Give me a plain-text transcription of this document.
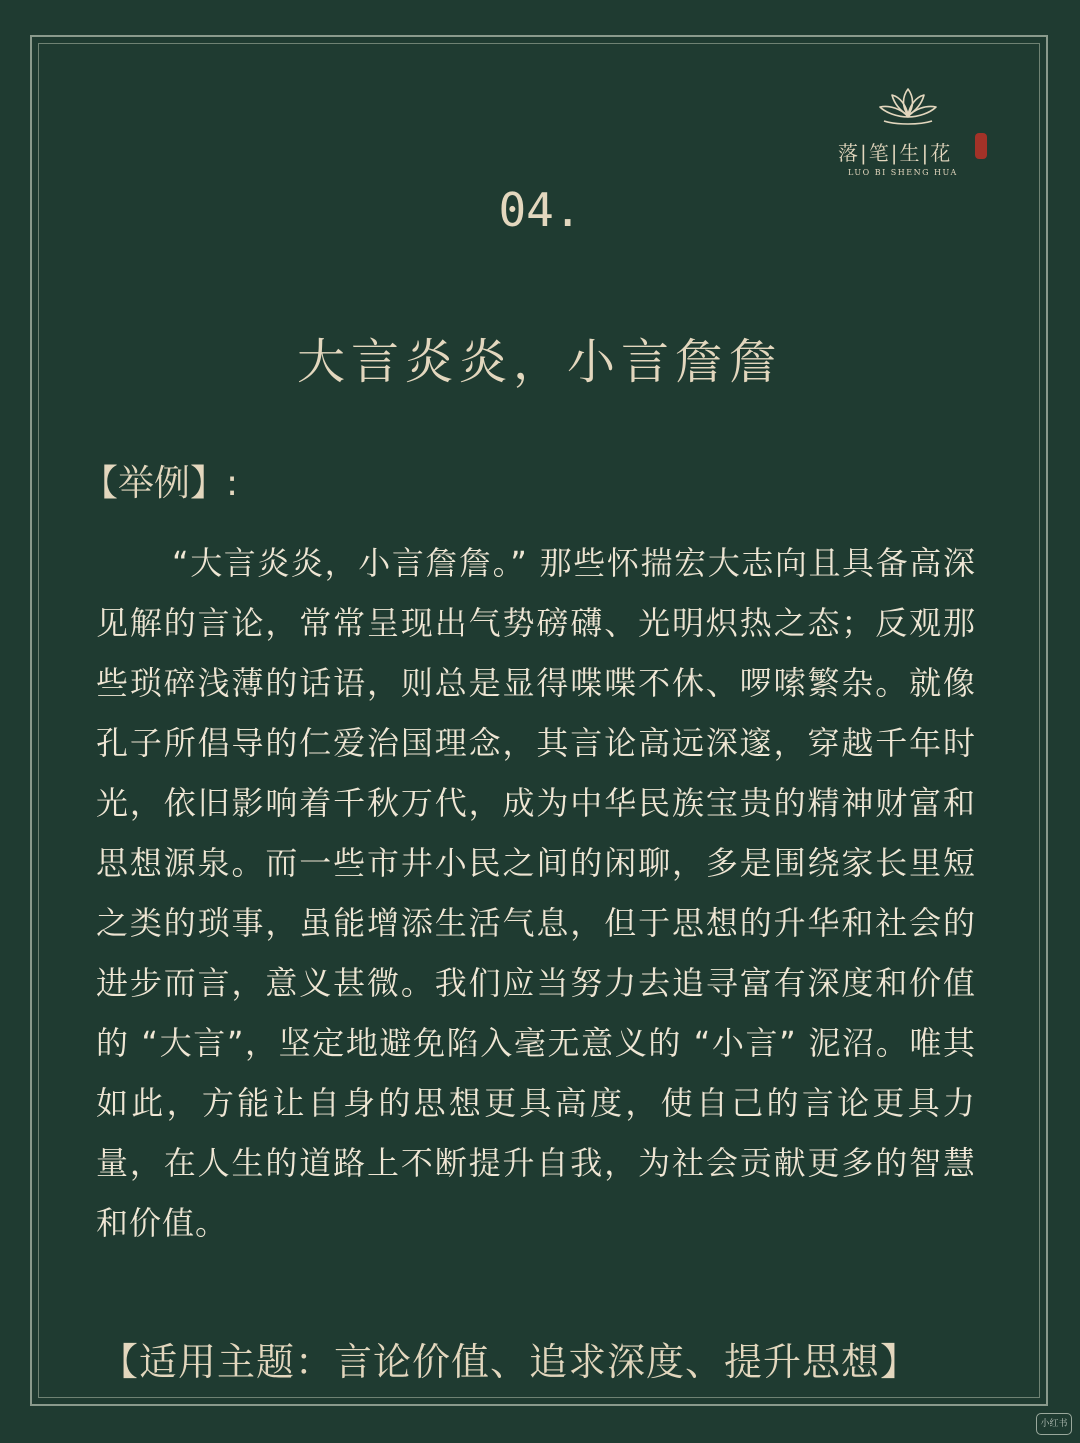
落|笔|生|花
LUO BI SHENG HUA
04.
大言炎炎，小言詹詹
【举例】:

“大言炎炎，小言詹詹。” 那些怀揣宏大志向且具备高深见解的言论，常常呈现出气势磅礴、光明炽热之态；反观那些琐碎浅薄的话语，则总是显得喋喋不休、啰嗦繁杂。就像孔子所倡导的仁爱治国理念，其言论高远深邃，穿越千年时光，依旧影响着千秋万代，成为中华民族宝贵的精神财富和思想源泉。而一些市井小民之间的闲聊，多是围绕家长里短之类的琐事，虽能增添生活气息，但于思想的升华和社会的进步而言，意义甚微。我们应当努力去追寻富有深度和价值的 “大言”，坚定地避免陷入毫无意义的 “小言” 泥沼。唯其如此，方能让自身的思想更具高度，使自己的言论更具力量，在人生的道路上不断提升自我，为社会贡献更多的智慧和价值。

【适用主题：言论价值、追求深度、提升思想】
小红书
